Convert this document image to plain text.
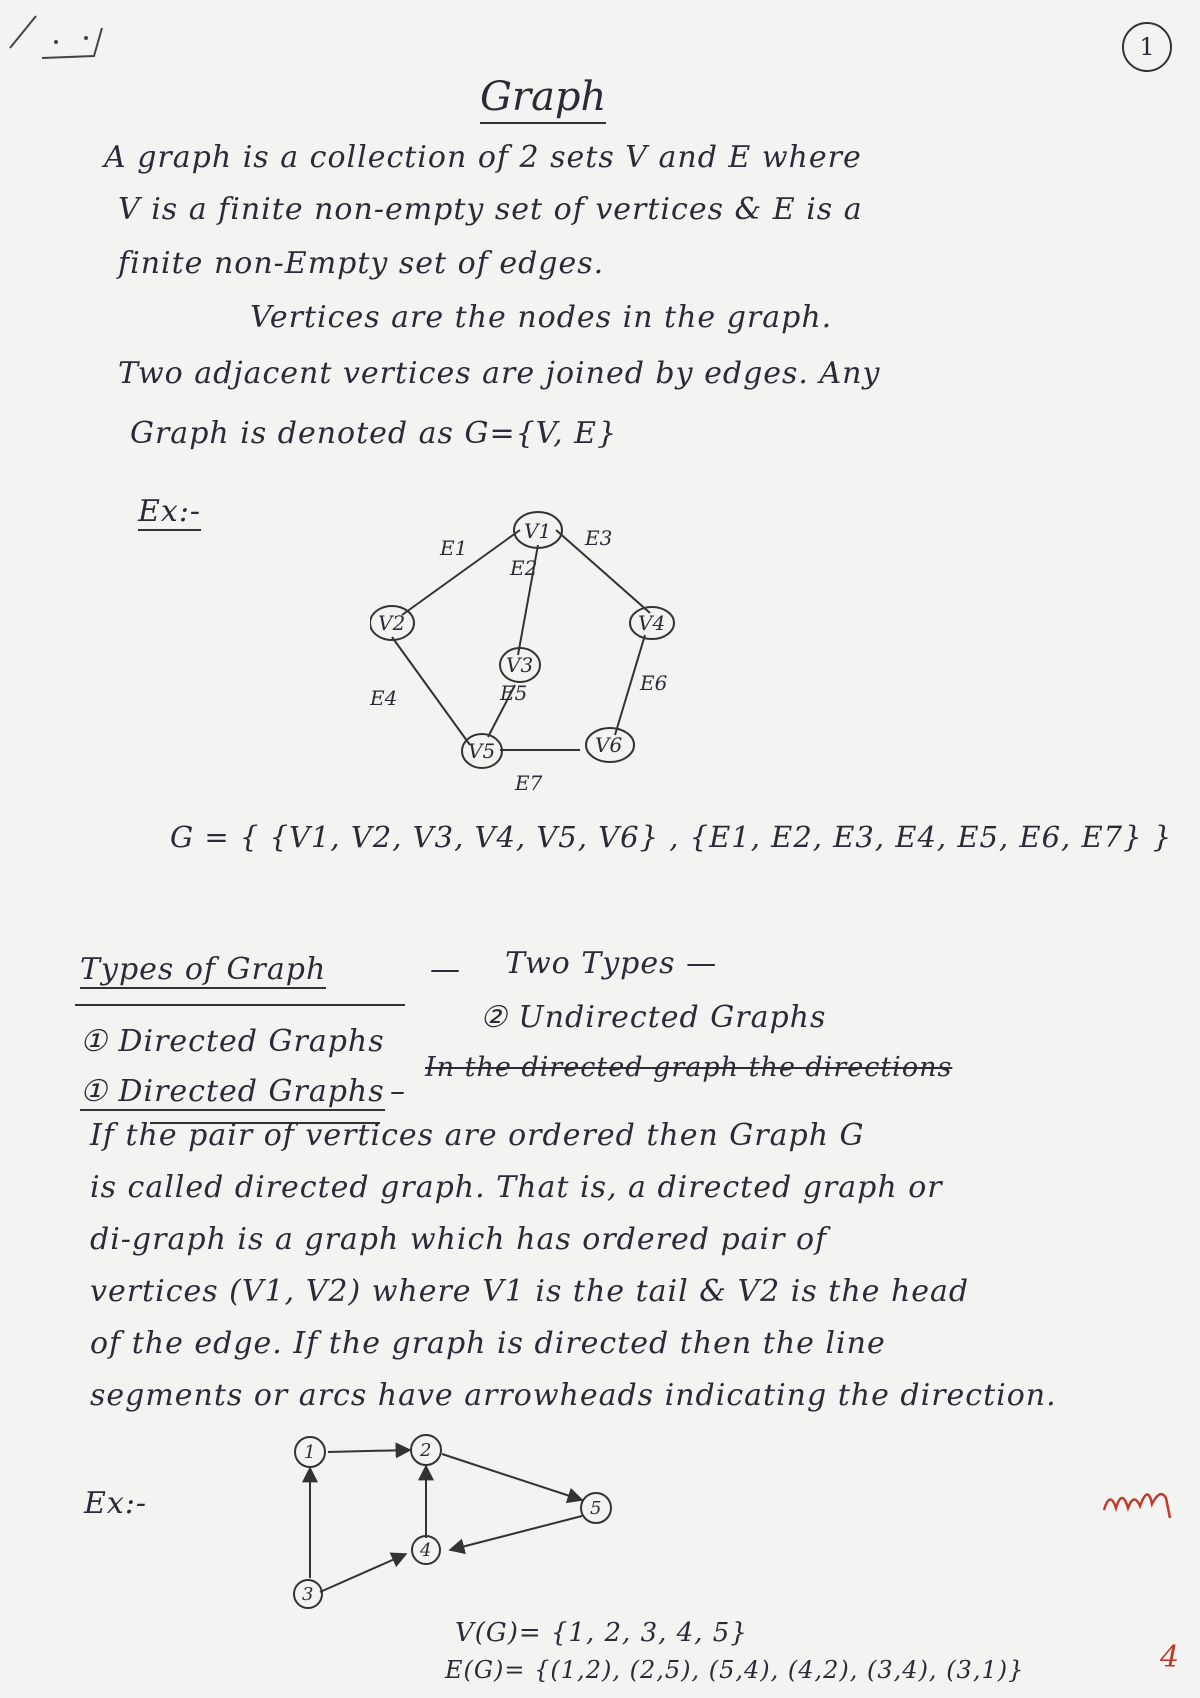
1
Graph
A graph is a collection of 2 sets V and E where
V is a finite non-empty set of vertices & E is a
finite non-Empty set of edges.
Vertices are the nodes in the graph.
Two adjacent vertices are joined by edges. Any
Graph is denoted as G={V, E}
Ex:-
V1
V2
V3
V4
V5	V6
E1
E2
E3
E4	E5	E6
E7
G = { {V1, V2, V3, V4, V5, V6} , {E1, E2, E3, E4, E5, E6, E7} }
Types of Graph	— Two Types —
① Directed Graphs
② Undirected Graphs
① Directed Graphs –
In the directed graph the directions
If the pair of vertices are ordered then Graph G
is called directed graph. That is, a directed graph or
di-graph is a graph which has ordered pair of
vertices (V1, V2) where V1 is the tail & V2 is the head
of the edge. If the graph is directed then the line
segments or arcs have arrowheads indicating the direction.
Ex:-
1	2
3
4
5
V(G)= {1, 2, 3, 4, 5}
E(G)= {(1,2), (2,5), (5,4), (4,2), (3,4), (3,1)}	4
